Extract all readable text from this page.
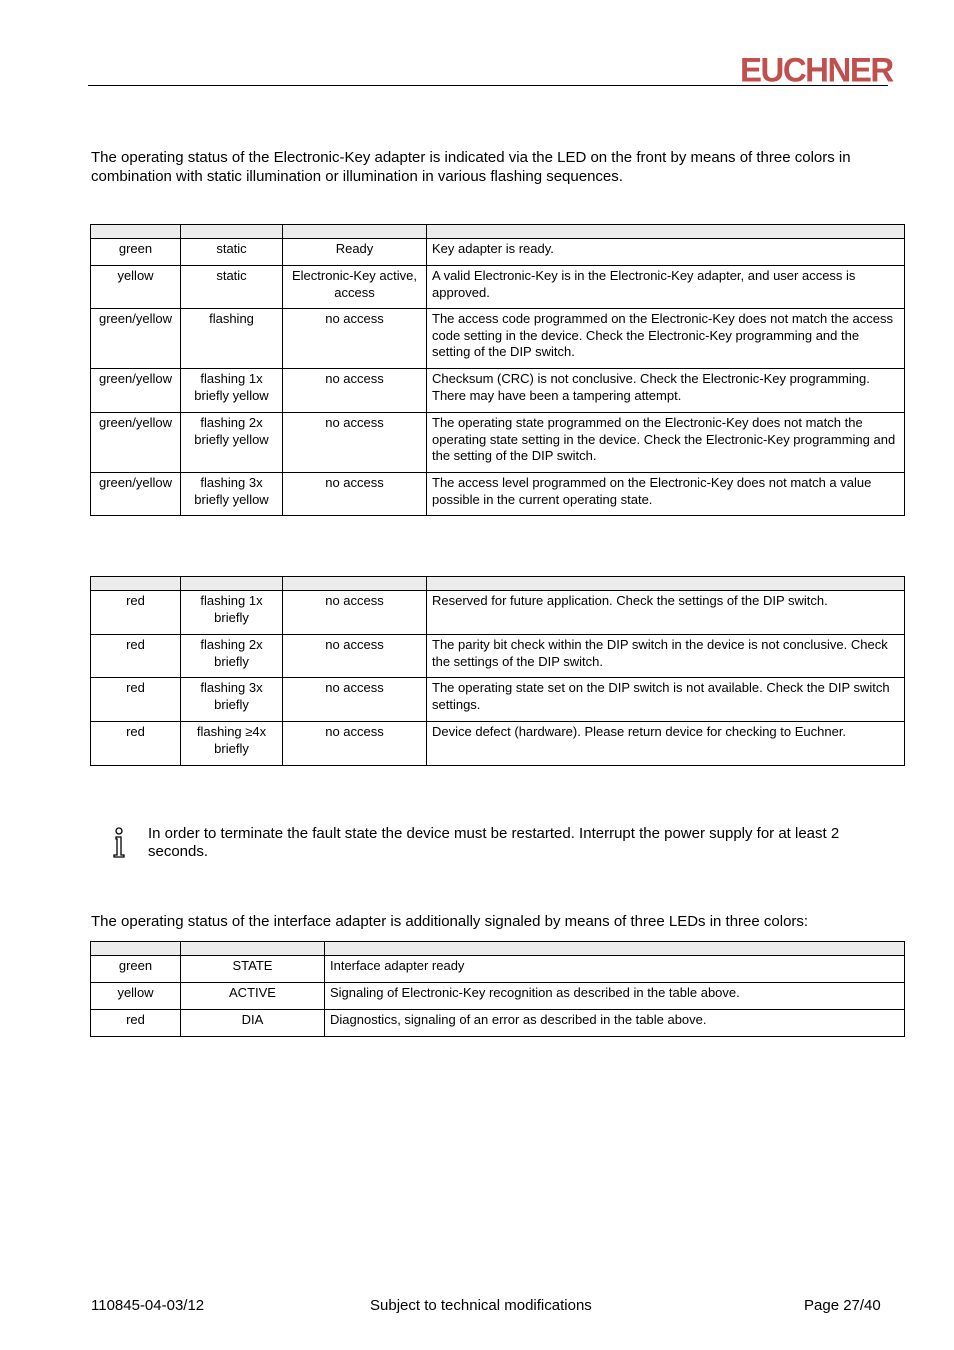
EUCHNER

The operating status of the Electronic-Key adapter is indicated via the LED on the front by means of three colors in combination with static illumination or illumination in various flashing sequences.

green	static	Ready	Key adapter is ready.
yellow	static	Electronic-Key active, access	A valid Electronic-Key is in the Electronic-Key adapter, and user access is approved.
green/yellow	flashing	no access	The access code programmed on the Electronic-Key does not match the access code setting in the device. Check the Electronic-Key programming and the setting of the DIP switch.
green/yellow	flashing 1x briefly yellow	no access	Checksum (CRC) is not conclusive. Check the Electronic-Key programming. There may have been a tampering attempt.
green/yellow	flashing 2x briefly yellow	no access	The operating state programmed on the Electronic-Key does not match the operating state setting in the device. Check the Electronic-Key programming and the setting of the DIP switch.
green/yellow	flashing 3x briefly yellow	no access	The access level programmed on the Electronic-Key does not match a value possible in the current operating state.

red	flashing 1x briefly	no access	Reserved for future application. Check the settings of the DIP switch.
red	flashing 2x briefly	no access	The parity bit check within the DIP switch in the device is not conclusive. Check the settings of the DIP switch.
red	flashing 3x briefly	no access	The operating state set on the DIP switch is not available. Check the DIP switch settings.
red	flashing ≥4x briefly	no access	Device defect (hardware). Please return device for checking to Euchner.

In order to terminate the fault state the device must be restarted. Interrupt the power supply for at least 2 seconds.

The operating status of the interface adapter is additionally signaled by means of three LEDs in three colors:

green	STATE	Interface adapter ready
yellow	ACTIVE	Signaling of Electronic-Key recognition as described in the table above.
red	DIA	Diagnostics, signaling of an error as described in the table above.
110845-04-03/12	Subject to technical modifications	Page 27/40
